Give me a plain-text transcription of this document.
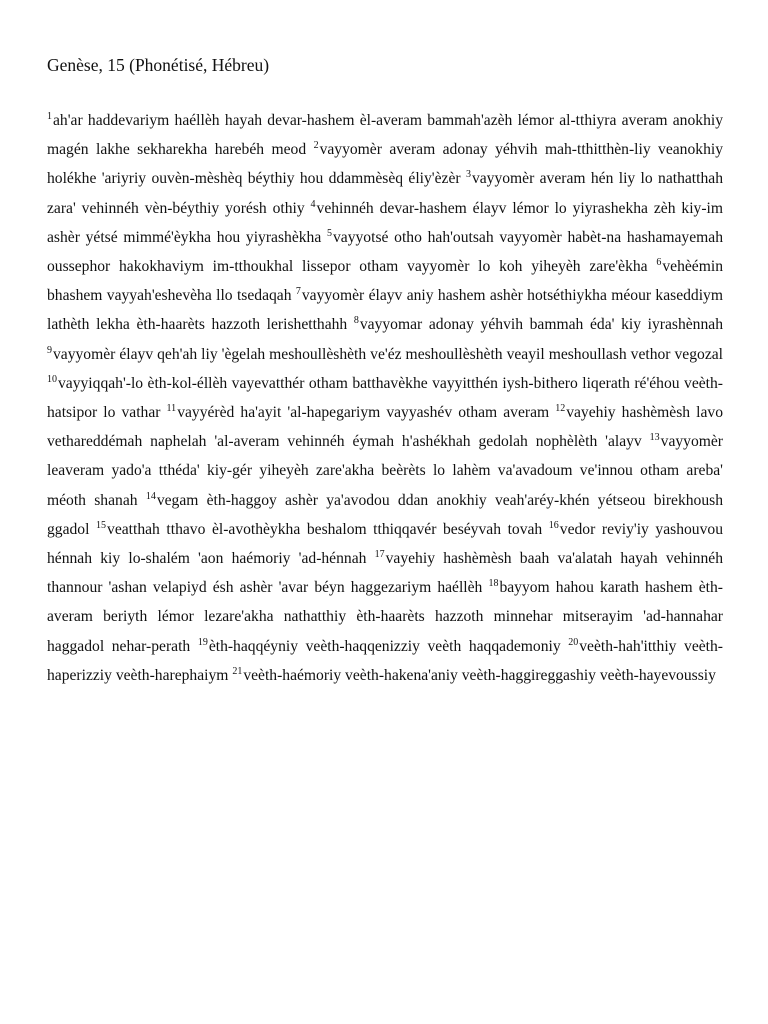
Genèse, 15 (Phonétisé, Hébreu)

$^1$ah'ar haddevariym haéllèh hayah devar-hashem èl-averam bammah'azèh lémor al-tthiyra averam anokhiy magén lakhe sekharekha harebéh meod $^2$vayyomèr averam adonay yéhvih mah-tthitthèn-liy veanokhiy holékhe 'ariyriy ouvèn-mèshèq béythiy hou ddammèsèq éliy'èzèr $^3$vayyomèr averam hén liy lo nathatthah zara' vehinnéh vèn-béythiy yorésh othiy $^4$vehinnéh devar-hashem élayv lémor lo yiyrashekha zèh kiy-im ashèr yétsé mimmé'èykha hou yiyrashèkha $^5$vayyotsé otho hah'outsah vayyomèr habèt-na hashamayemah oussephor hakokhaviym im-tthoukhal lissepor otham vayyomèr lo koh yiheyèh zare'èkha $^6$vehèémin bhashem vayyah'eshevèha llo tsedaqah $^7$vayyomèr élayv aniy hashem ashèr hotséthiykha méour kaseddiym lathèth lekha èth-haarèts hazzoth lerishetthahh $^8$vayyomar adonay yéhvih bammah éda' kiy iyrashènnah $^9$vayyomèr élayv qeh'ah liy 'ègelah meshoullèshèth ve'éz meshoullèshèth veayil meshoullash vethor vegozal $^{10}$vayyiqqah'-lo èth-kol-éllèh vayevatthér otham batthavèkhe vayyitthén iysh-bithero liqerath ré'éhou veèth-hatsipor lo vathar $^{11}$vayyérèd ha'ayit 'al-hapegariym vayyashév otham averam $^{12}$vayehiy hashèmèsh lavo vethareddémah naphelah 'al-averam vehinnéh éymah h'ashékhah gedolah nophèlèth 'alayv $^{13}$vayyomèr leaveram yado'a tthéda' kiy-gér yiheyèh zare'akha beèrèts lo lahèm va'avadoum ve'innou otham areba' méoth shanah $^{14}$vegam èth-haggoy ashèr ya'avodou ddan anokhiy veah'aréy-khén yétseou birekhoush ggadol $^{15}$veatthah tthavo èl-avothèykha beshalom tthiqqavér beséyvah tovah $^{16}$vedor reviy'iy yashouvou hénnah kiy lo-shalém 'aon haémoriy 'ad-hénnah $^{17}$vayehiy hashèmèsh baah va'alatah hayah vehinnéh thannour 'ashan velapiyd ésh ashèr 'avar béyn haggezariym haéllèh $^{18}$bayyom hahou karath hashem èth-averam beriyth lémor lezare'akha nathatthiy èth-haarèts hazzoth minnehar mitserayim 'ad-hannahar haggadol nehar-perath $^{19}$èth-haqqéyniy veèth-haqqenizziy veèth haqqademoniy $^{20}$veèth-hah'itthiy veèth-haperizziy veèth-harephaiym $^{21}$veèth-haémoriy veèth-hakena'aniy veèth-haggireggashiy veèth-hayevoussiy
